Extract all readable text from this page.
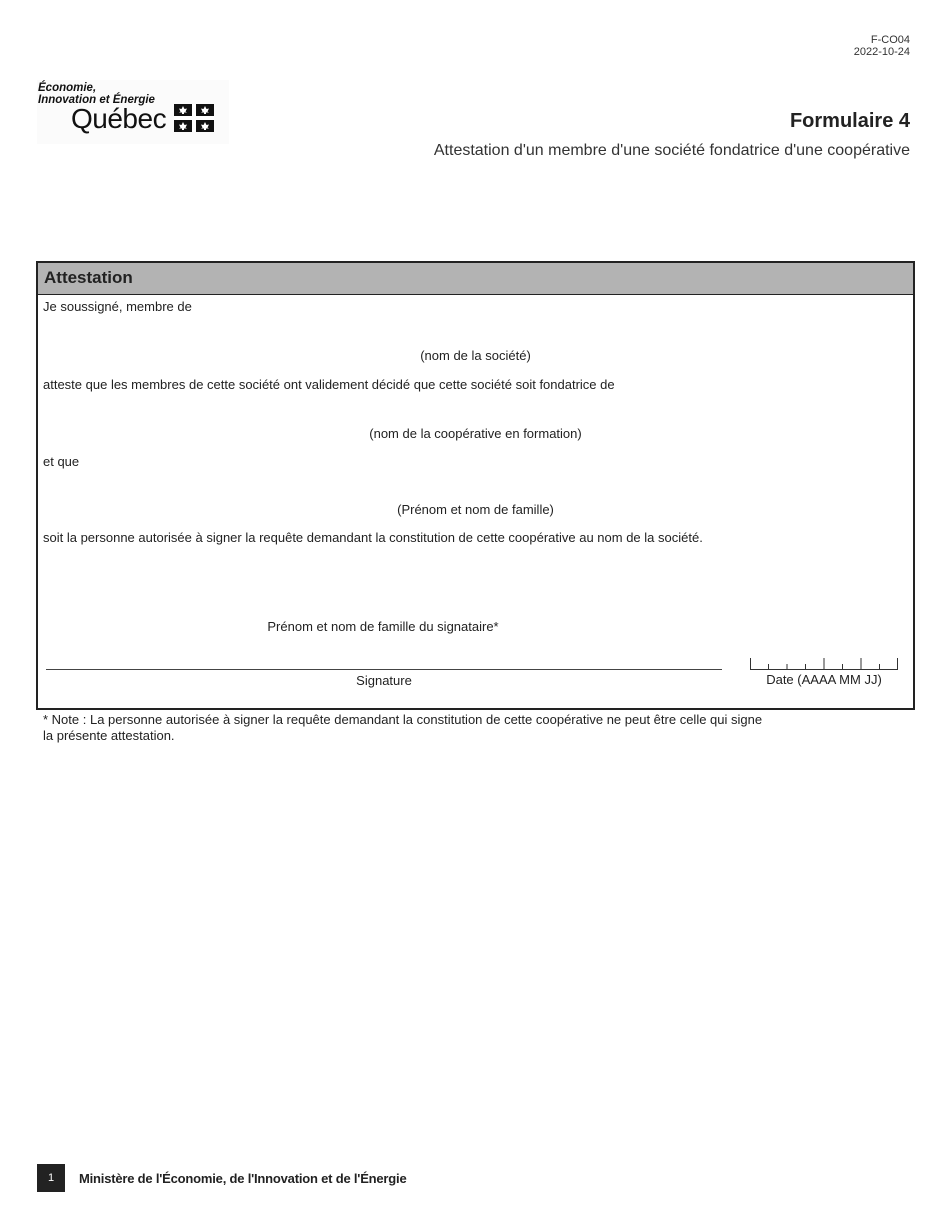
F-CO04
2022-10-24
Économie,
Innovation et Énergie
Québec	Formulaire 4
Attestation d'un membre d'une société fondatrice d'une coopérative
Attestation
Je soussigné, membre de
(nom de la société)
atteste que les membres de cette société ont validement décidé que cette société soit fondatrice de
(nom de la coopérative en formation)
et que
(Prénom et nom de famille)
soit la personne autorisée à signer la requête demandant la constitution de cette coopérative au nom de la société.
Prénom et nom de famille du signataire*
Signature	Date (AAAA MM JJ)
* Note : La personne autorisée à signer la requête demandant la constitution de cette coopérative ne peut être celle qui signe
la présente attestation.
1	Ministère de l'Économie, de l'Innovation et de l'Énergie
